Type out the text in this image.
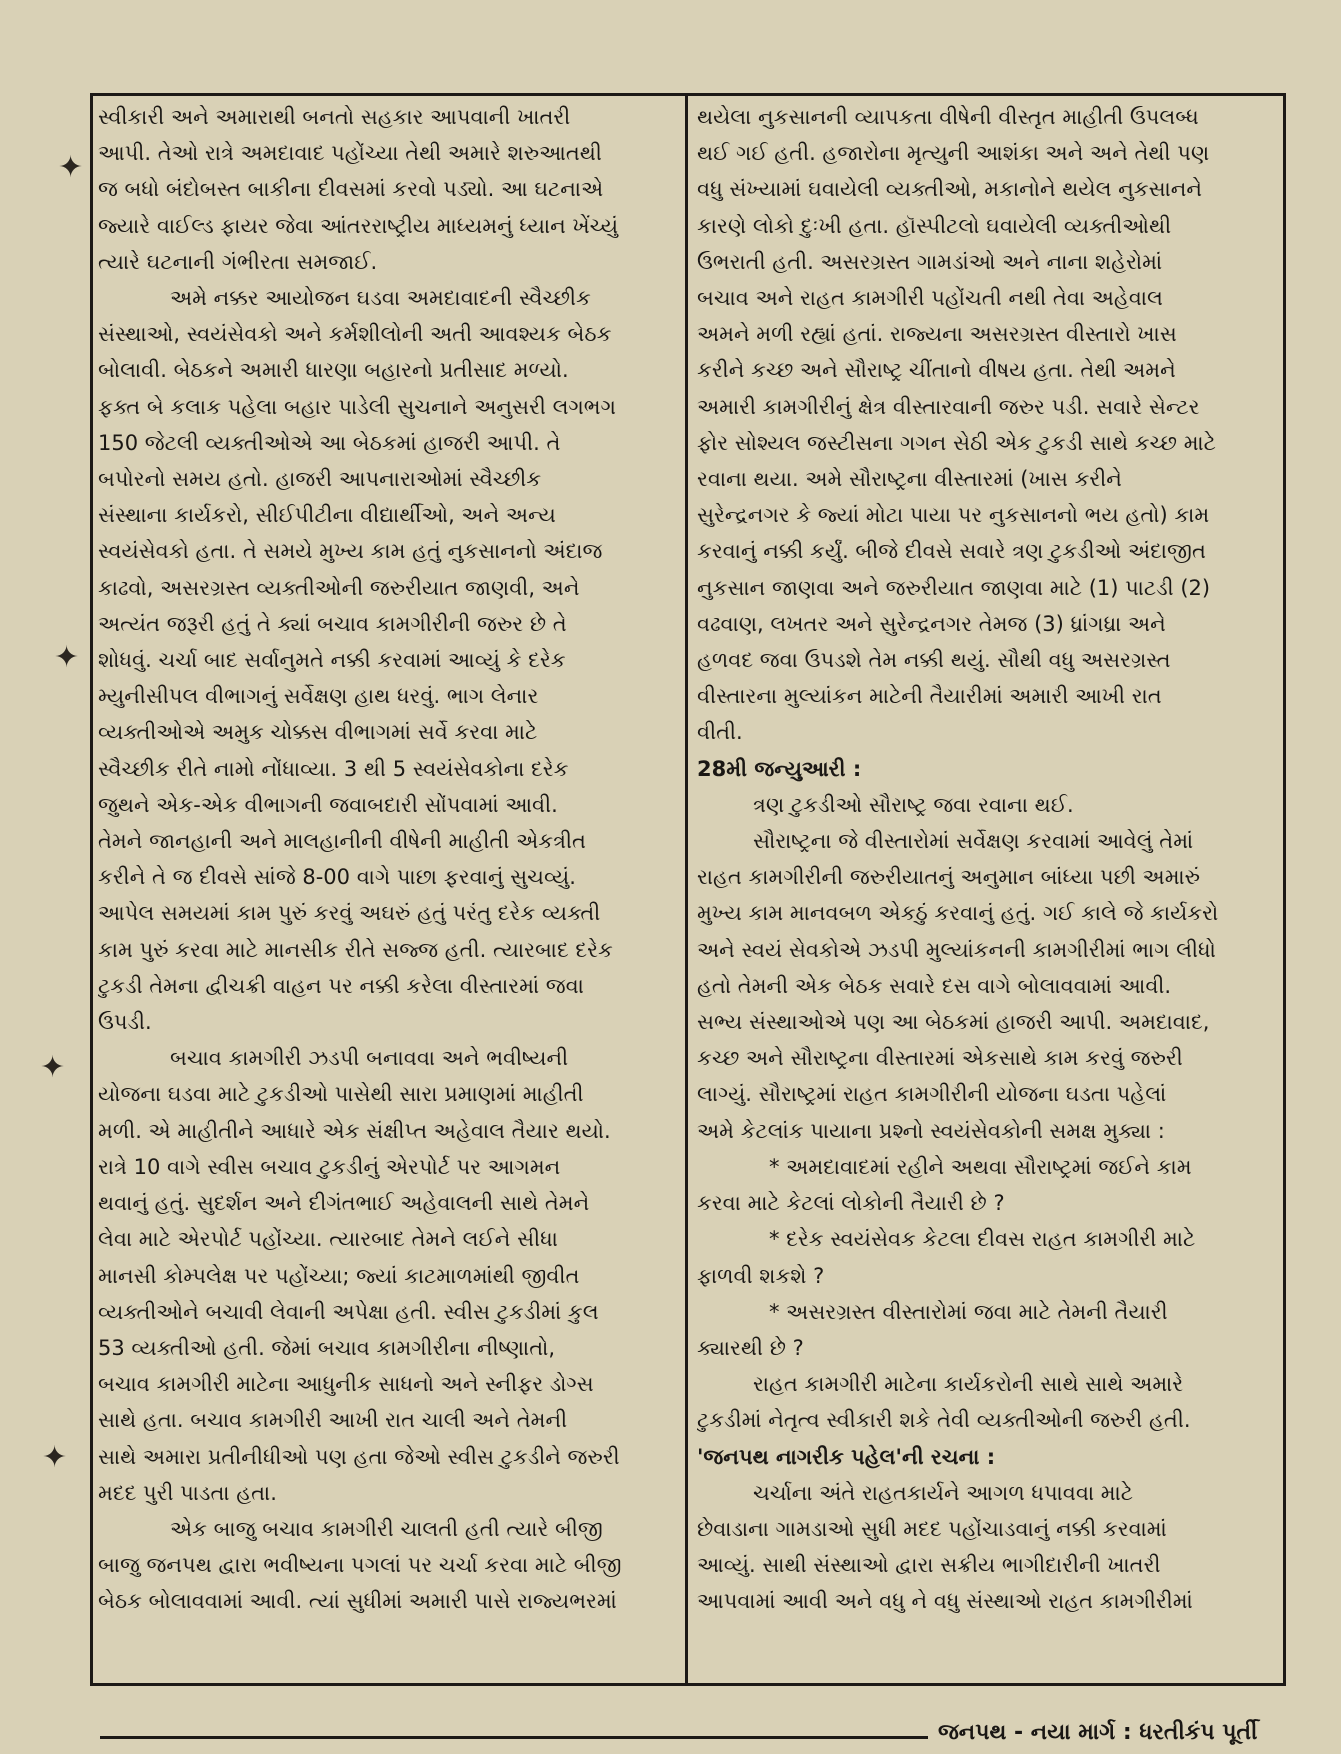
✦
✦
✦
✦
સ્વીકારી અને અમારાથી બનતો સહકાર આપવાની ખાતરી
આપી. તેઓ રાત્રે અમદાવાદ પહોંચ્યા તેથી અમારે શરુઆતથી
જ બધો બંદોબસ્ત બાકીના દીવસમાં કરવો પડ્યો. આ ઘટનાએ
જ્યારે વાઈલ્ડ ફાયર જેવા આંતરરાષ્ટ્રીય માધ્યમનું ધ્યાન ખેંચ્યું
ત્યારે ઘટનાની ગંભીરતા સમજાઈ.
અમે નક્કર આયોજન ઘડવા અમદાવાદની સ્વૈચ્છીક
સંસ્થાઓ, સ્વયંસેવકો અને કર્મશીલોની અતી આવશ્યક બેઠક
બોલાવી. બેઠકને અમારી ધારણા બહારનો પ્રતીસાદ મળ્યો.
ફક્ત બે કલાક પહેલા બહાર પાડેલી સુચનાને અનુસરી લગભગ
150 જેટલી વ્યક્તીઓએ આ બેઠકમાં હાજરી આપી. તે
બપોરનો સમય હતો. હાજરી આપનારાઓમાં સ્વૈચ્છીક
સંસ્થાના કાર્યકરો, સીઈપીટીના વીદ્યાર્થીઓ, અને અન્ય
સ્વયંસેવકો હતા. તે સમયે મુખ્ય કામ હતું નુકસાનનો અંદાજ
કાઢવો, અસરગ્રસ્ત વ્યક્તીઓની જરુરીયાત જાણવી, અને
અત્યંત જરૂરી હતું તે ક્યાં બચાવ કામગીરીની જરુર છે તે
શોધવું. ચર્ચા બાદ સર્વાનુમતે નક્કી કરવામાં આવ્યું કે દરેક
મ્યુનીસીપલ વીભાગનું સર્વેક્ષણ હાથ ધરવું. ભાગ લેનાર
વ્યક્તીઓએ અમુક ચોક્કસ વીભાગમાં સર્વે કરવા માટે
સ્વૈચ્છીક રીતે નામો નોંધાવ્યા. 3 થી 5 સ્વયંસેવકોના દરેક
જુથને એક-એક વીભાગની જવાબદારી સોંપવામાં આવી.
તેમને જાનહાની અને માલહાનીની વીષેની માહીતી એકત્રીત
કરીને તે જ દીવસે સાંજે 8-00 વાગે પાછા ફરવાનું સુચવ્યું.
આપેલ સમયમાં કામ પુરું કરવું અઘરું હતું પરંતુ દરેક વ્યક્તી
કામ પુરું કરવા માટે માનસીક રીતે સજ્જ હતી. ત્યારબાદ દરેક
ટુકડી તેમના દ્વીચક્રી વાહન પર નક્કી કરેલા વીસ્તારમાં જવા
ઉપડી.
બચાવ કામગીરી ઝડપી બનાવવા અને ભવીષ્યની
યોજના ઘડવા માટે ટુકડીઓ પાસેથી સારા પ્રમાણમાં માહીતી
મળી. એ માહીતીને આધારે એક સંક્ષીપ્ત અહેવાલ તૈયાર થયો.
રાત્રે 10 વાગે સ્વીસ બચાવ ટુકડીનું એરપોર્ટ પર આગમન
થવાનું હતું. સુદર્શન અને દીગંતભાઈ અહેવાલની સાથે તેમને
લેવા માટે એરપોર્ટ પહોંચ્યા. ત્યારબાદ તેમને લઈને સીધા
માનસી કોમ્પલેક્ષ પર પહોંચ્યા; જ્યાં કાટમાળમાંથી જીવીત
વ્યક્તીઓને બચાવી લેવાની અપેક્ષા હતી. સ્વીસ ટુકડીમાં કુલ
53 વ્યક્તીઓ હતી. જેમાં બચાવ કામગીરીના નીષ્ણાતો,
બચાવ કામગીરી માટેના આધુનીક સાધનો અને સ્નીફર ડોગ્સ
સાથે હતા. બચાવ કામગીરી આખી રાત ચાલી અને તેમની
સાથે અમારા પ્રતીનીધીઓ પણ હતા જેઓ સ્વીસ ટુકડીને જરુરી
મદદ પુરી પાડતા હતા.
એક બાજુ બચાવ કામગીરી ચાલતી હતી ત્યારે બીજી
બાજુ જનપથ દ્વારા ભવીષ્યના પગલાં પર ચર્ચા કરવા માટે બીજી
બેઠક બોલાવવામાં આવી. ત્યાં સુધીમાં અમારી પાસે રાજ્યભરમાં
થયેલા નુકસાનની વ્યાપકતા વીષેની વીસ્તૃત માહીતી ઉપલબ્ધ
થઈ ગઈ હતી. હજારોના મૃત્યુની આશંકા અને અને તેથી પણ
વધુ સંખ્યામાં ઘવાયેલી વ્યક્તીઓ, મકાનોને થયેલ નુકસાનને
કારણે લોકો દુઃખી હતા. હૉસ્પીટલો ઘવાયેલી વ્યક્તીઓથી
ઉભરાતી હતી. અસરગ્રસ્ત ગામડાંઓ અને નાના શહેરોમાં
બચાવ અને રાહત કામગીરી પહોંચતી નથી તેવા અહેવાલ
અમને મળી રહ્યાં હતાં. રાજ્યના અસરગ્રસ્ત વીસ્તારો ખાસ
કરીને કચ્છ અને સૌરાષ્ટ્ર ચીંતાનો વીષય હતા. તેથી અમને
અમારી કામગીરીનું ક્ષેત્ર વીસ્તારવાની જરુર પડી. સવારે સેન્ટર
ફોર સોશ્યલ જસ્ટીસના ગગન સેઠી એક ટુકડી સાથે કચ્છ માટે
રવાના થયા. અમે સૌરાષ્ટ્રના વીસ્તારમાં (ખાસ કરીને
સુરેન્દ્રનગર કે જ્યાં મોટા પાયા પર નુકસાનનો ભય હતો) કામ
કરવાનું નક્કી કર્યું. બીજે દીવસે સવારે ત્રણ ટુકડીઓ અંદાજીત
નુકસાન જાણવા અને જરુરીયાત જાણવા માટે (1) પાટડી (2)
વઢવાણ, લખતર અને સુરેન્દ્રનગર તેમજ (3) ધ્રાંગધ્રા અને
હળવદ જવા ઉપડશે તેમ નક્કી થયું. સૌથી વધુ અસરગ્રસ્ત
વીસ્તારના મુલ્યાંકન માટેની તૈયારીમાં અમારી આખી રાત
વીતી.
28મી જન્યુઆરી :
ત્રણ ટુકડીઓ સૌરાષ્ટ્ર જવા રવાના થઈ.
સૌરાષ્ટ્રના જે વીસ્તારોમાં સર્વેક્ષણ કરવામાં આવેલું તેમાં
રાહત કામગીરીની જરુરીયાતનું અનુમાન બાંધ્યા પછી અમારું
મુખ્ય કામ માનવબળ એકઠું કરવાનું હતું. ગઈ કાલે જે કાર્યકરો
અને સ્વયં સેવકોએ ઝડપી મુલ્યાંકનની કામગીરીમાં ભાગ લીધો
હતો તેમની એક બેઠક સવારે દસ વાગે બોલાવવામાં આવી.
સભ્ય સંસ્થાઓએ પણ આ બેઠકમાં હાજરી આપી. અમદાવાદ,
કચ્છ અને સૌરાષ્ટ્રના વીસ્તારમાં એકસાથે કામ કરવું જરુરી
લાગ્યું. સૌરાષ્ટ્રમાં રાહત કામગીરીની યોજના ઘડતા પહેલાં
અમે કેટલાંક પાયાના પ્રશ્નો સ્વયંસેવકોની સમક્ષ મુક્યા :
* અમદાવાદમાં રહીને અથવા સૌરાષ્ટ્રમાં જઈને કામ
કરવા માટે કેટલાં લોકોની તૈયારી છે ?
* દરેક સ્વયંસેવક કેટલા દીવસ રાહત કામગીરી માટે
ફાળવી શકશે ?
* અસરગ્રસ્ત વીસ્તારોમાં જવા માટે તેમની તૈયારી
ક્યારથી છે ?
રાહત કામગીરી માટેના કાર્યકરોની સાથે સાથે અમારે
ટુકડીમાં નેતૃત્વ સ્વીકારી શકે તેવી વ્યક્તીઓની જરુરી હતી.
'જનપથ નાગરીક પહેલ'ની રચના :
ચર્ચાના અંતે રાહતકાર્યને આગળ ધપાવવા માટે
છેવાડાના ગામડાઓ સુધી મદદ પહોંચાડવાનું નક્કી કરવામાં
આવ્યું. સાથી સંસ્થાઓ દ્વારા સક્રીય ભાગીદારીની ખાતરી
આપવામાં આવી અને વધુ ને વધુ સંસ્થાઓ રાહત કામગીરીમાં
જનપથ - નયા માર્ગ : ધરતીકંપ પૂર્તી
